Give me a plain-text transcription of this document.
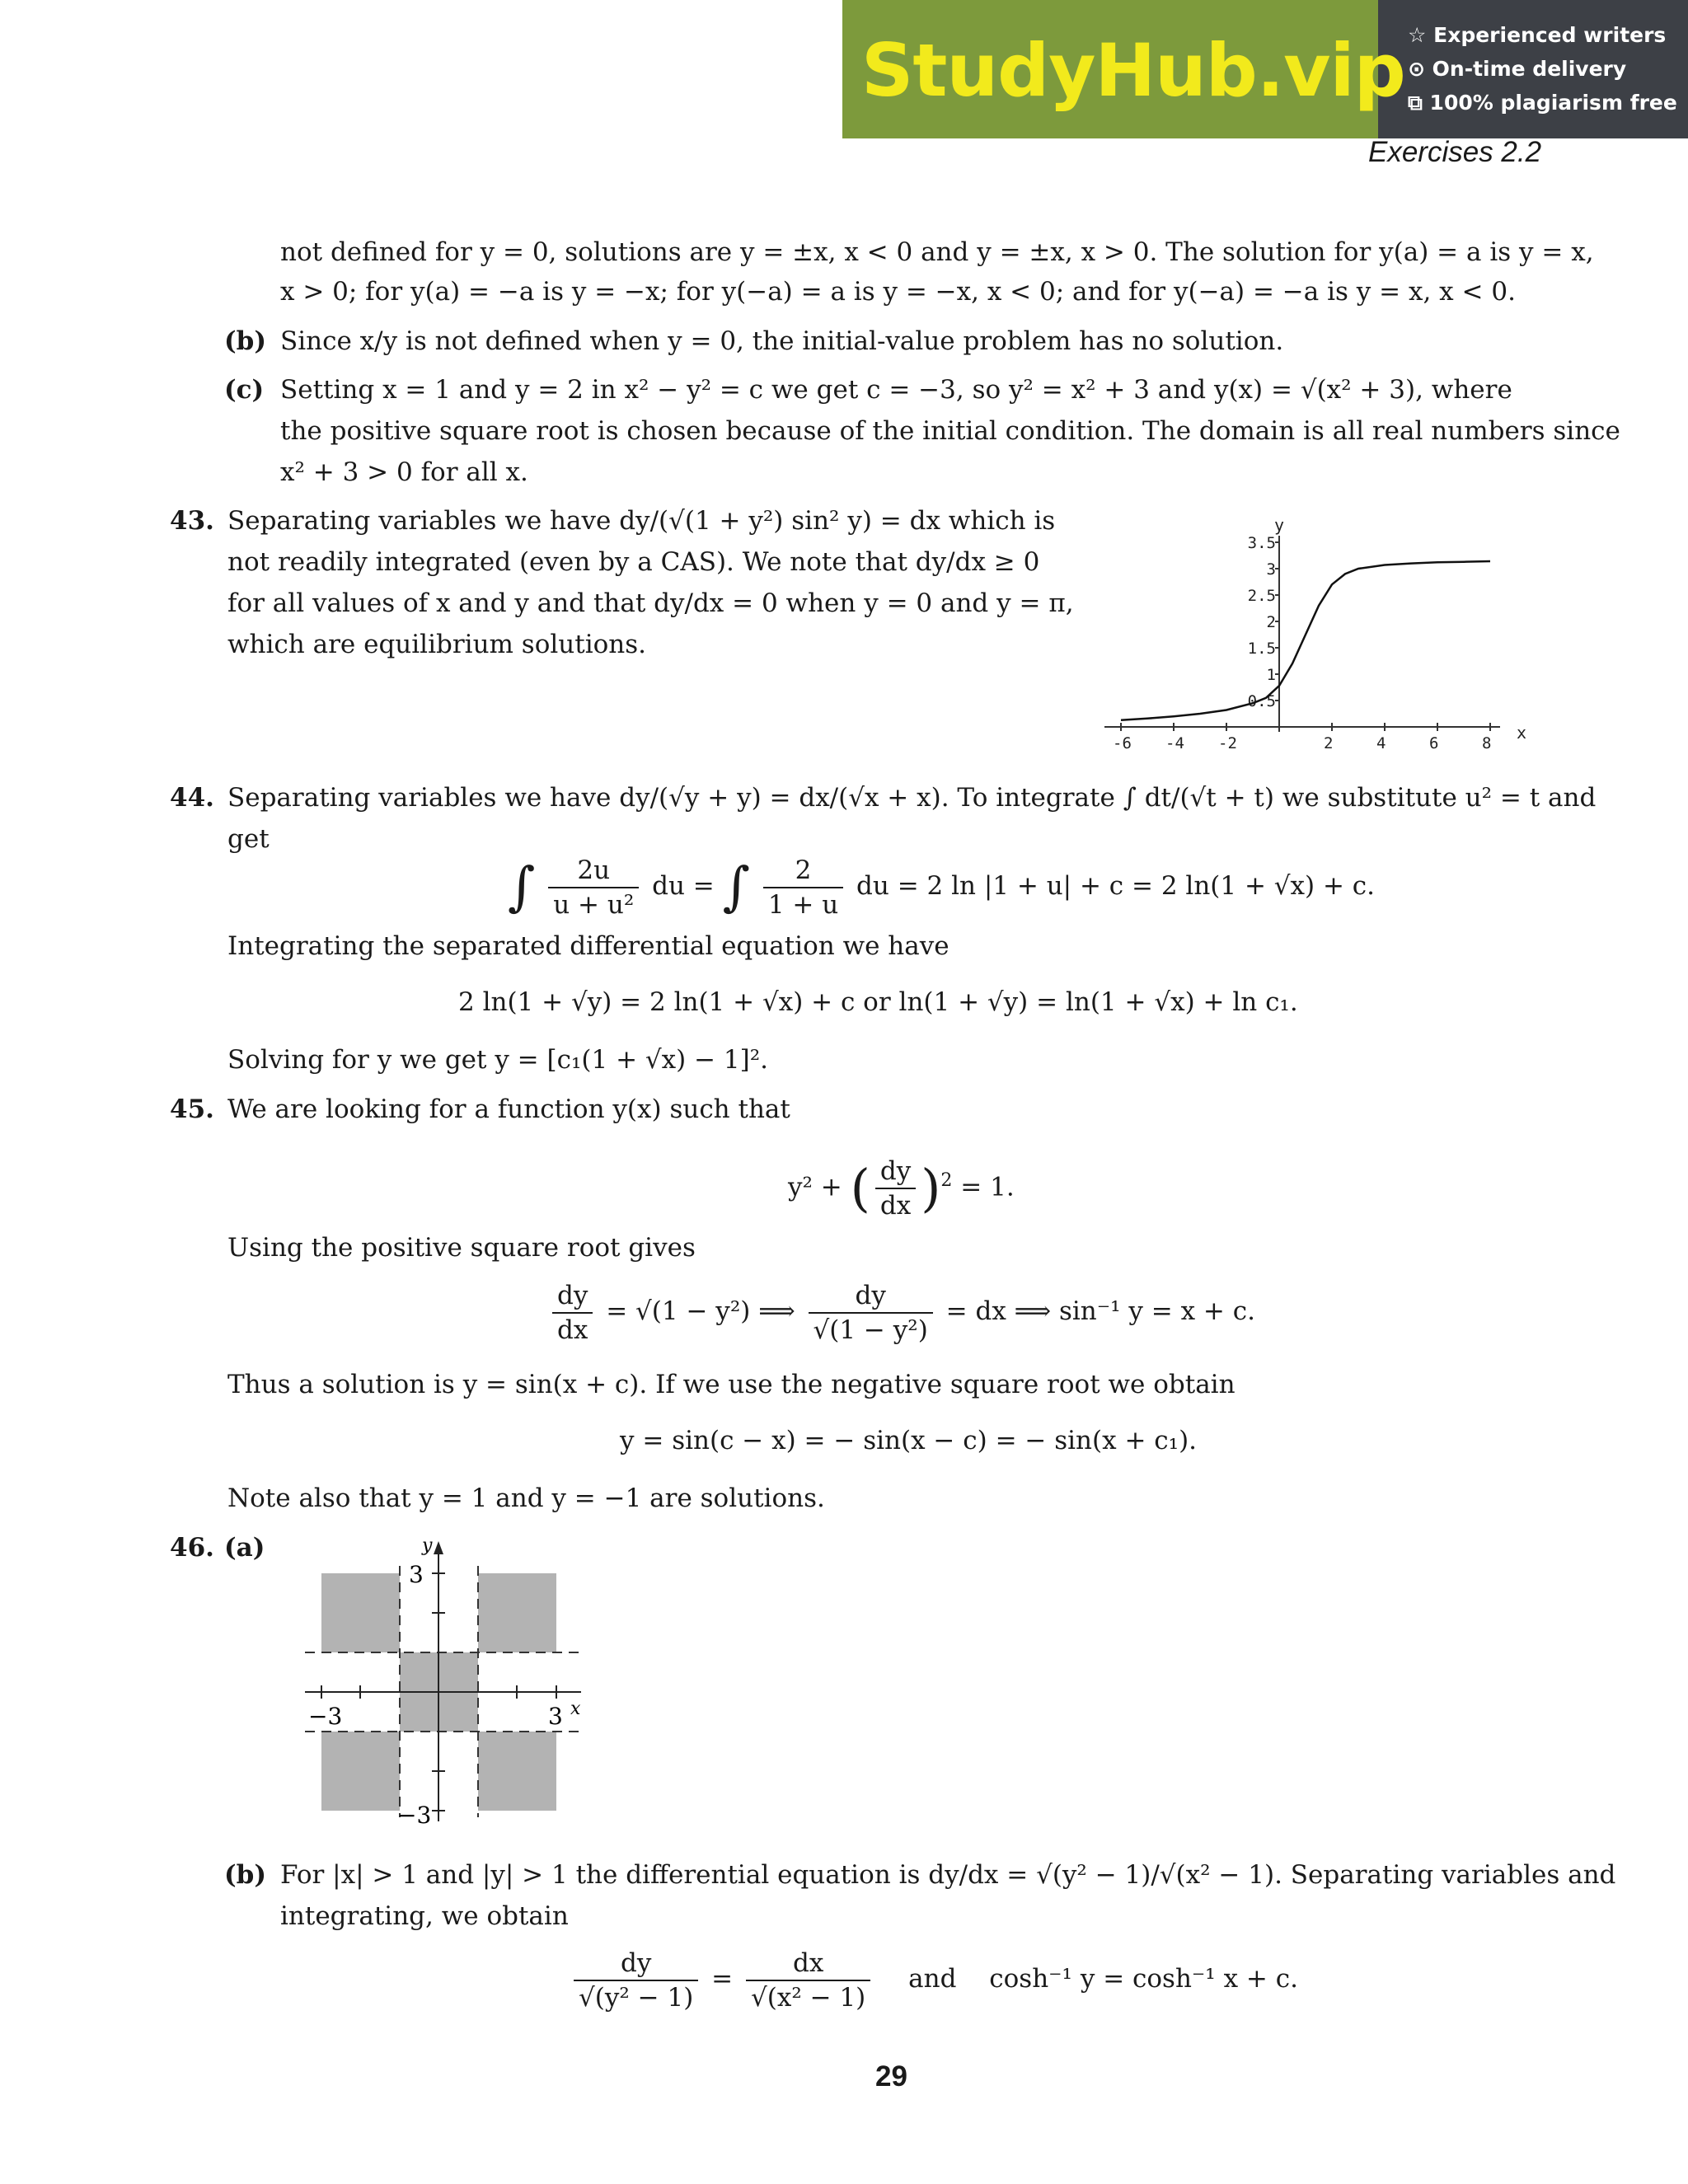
StudyHub.vip ☆ Experienced writers
⊙ On-time delivery
⧉ 100% plagiarism free
Exercises 2.2
not defined for y = 0, solutions are y = ±x, x < 0 and y = ±x, x > 0. The solution for y(a) = a is y = x,
x > 0; for y(a) = −a is y = −x; for y(−a) = a is y = −x, x < 0; and for y(−a) = −a is y = x, x < 0.
(b) Since x/y is not defined when y = 0, the initial-value problem has no solution.
(c) Setting x = 1 and y = 2 in x² − y² = c we get c = −3, so y² = x² + 3 and y(x) = √(x² + 3), where
the positive square root is chosen because of the initial condition. The domain is all real numbers since
x² + 3 > 0 for all x.
43. Separating variables we have dy/(√(1 + y²) sin² y) = dx which is
not readily integrated (even by a CAS). We note that dy/dx ≥ 0
for all values of x and y and that dy/dx = 0 when y = 0 and y = π,
which are equilibrium solutions.
-6 -4 -2	2	4	6	8
0.5
1
1.5
2
2.5
3
3.5
x
y
44. Separating variables we have dy/(√y + y) = dx/(√x + x). To integrate ∫ dt/(√t + t) we substitute u² = t and
get
∫ $\frac{2u}{\text{u + u²}}$ du = ∫ $\frac{2}{1 + u}$ du = 2 ln |1 + u| + c = 2 ln(1 + √x) + c.
Integrating the separated differential equation we have
2 ln(1 + √y) = 2 ln(1 + √x) + c or ln(1 + √y) = ln(1 + √x) + ln c₁.
Solving for y we get y = [c₁(1 + √x) − 1]².
45. We are looking for a function y(x) such that
y² + ( $\frac{dy}{dx} )^2 = 1$.
Using the positive square root gives
$\frac{dy}{dx} = √(1 - y^2)$ ⟹ $\frac{dy}{\text{√(1 − y²)}}$ = dx ⟹ sin⁻¹ y = x + c.
Thus a solution is y = sin(x + c). If we use the negative square root we obtain
y = sin(c − x) = − sin(x − c) = − sin(x + c₁).
Note also that y = 1 and y = −1 are solutions.
46. (a)	y
x
3
−3
−3	3
(b) For |x| > 1 and |y| > 1 the differential equation is dy/dx = √(y² − 1)/√(x² − 1). Separating variables and
integrating, we obtain
$\frac{dy}{\text{√(y² − 1)}} = \frac{dx}{\text{√(x² − 1)}}$ and cosh⁻¹ y = cosh⁻¹ x + c.
29
